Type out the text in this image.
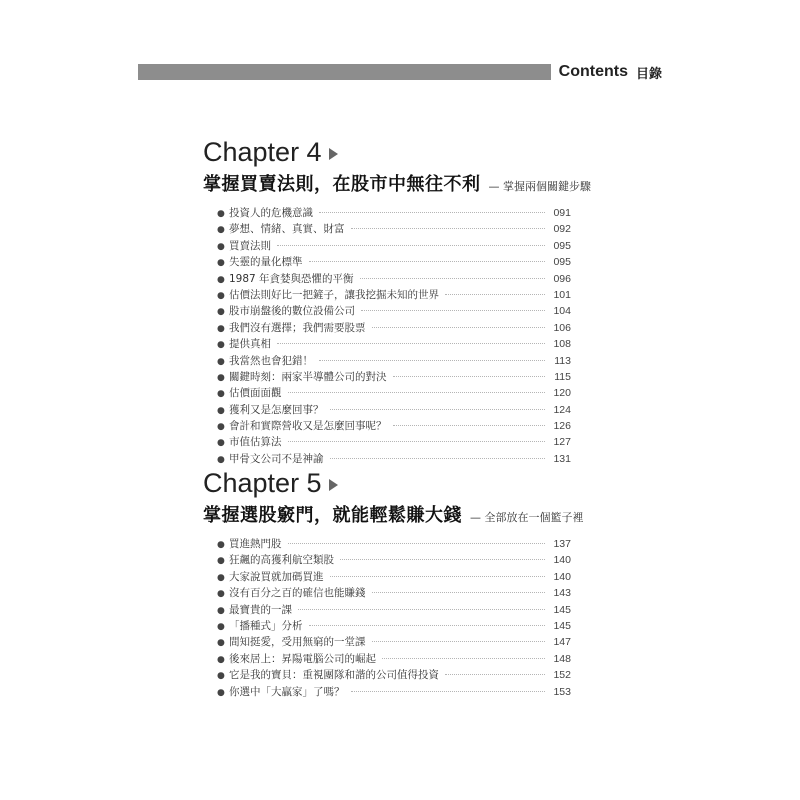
Contents 目錄
Chapter 4
掌握買賣法則，在股市中無往不利 — 掌握兩個關鍵步驟
● 投資人的危機意識	091
● 夢想、情緒、真實、財富	092
● 買賣法則	095
● 失靈的量化標準	095
● 1987 年貪婪與恐懼的平衡	096
● 估價法則好比一把鏟子，讓我挖掘未知的世界	101
● 股市崩盤後的數位設備公司	104
● 我們沒有選擇；我們需要股票	106
● 提供真相	108
● 我當然也會犯錯！	113
● 關鍵時刻：兩家半導體公司的對決	115
● 估價面面觀	120
● 獲利又是怎麼回事？	124
● 會計和實際營收又是怎麼回事呢？	126
● 市值估算法	127
● 甲骨文公司不是神諭	131
Chapter 5
掌握選股竅門，就能輕鬆賺大錢 — 全部放在一個籃子裡
● 買進熱門股	137
● 狂飆的高獲利航空類股	140
● 大家說買就加碼買進	140
● 沒有百分之百的確信也能賺錢	143
● 最寶貴的一課	145
● 「播種式」分析	145
● 間知挺愛，受用無窮的一堂課	147
● 後來居上：昇陽電腦公司的崛起	148
● 它是我的寶貝：重視團隊和諧的公司值得投資	152
● 你選中「大贏家」了嗎？	153
